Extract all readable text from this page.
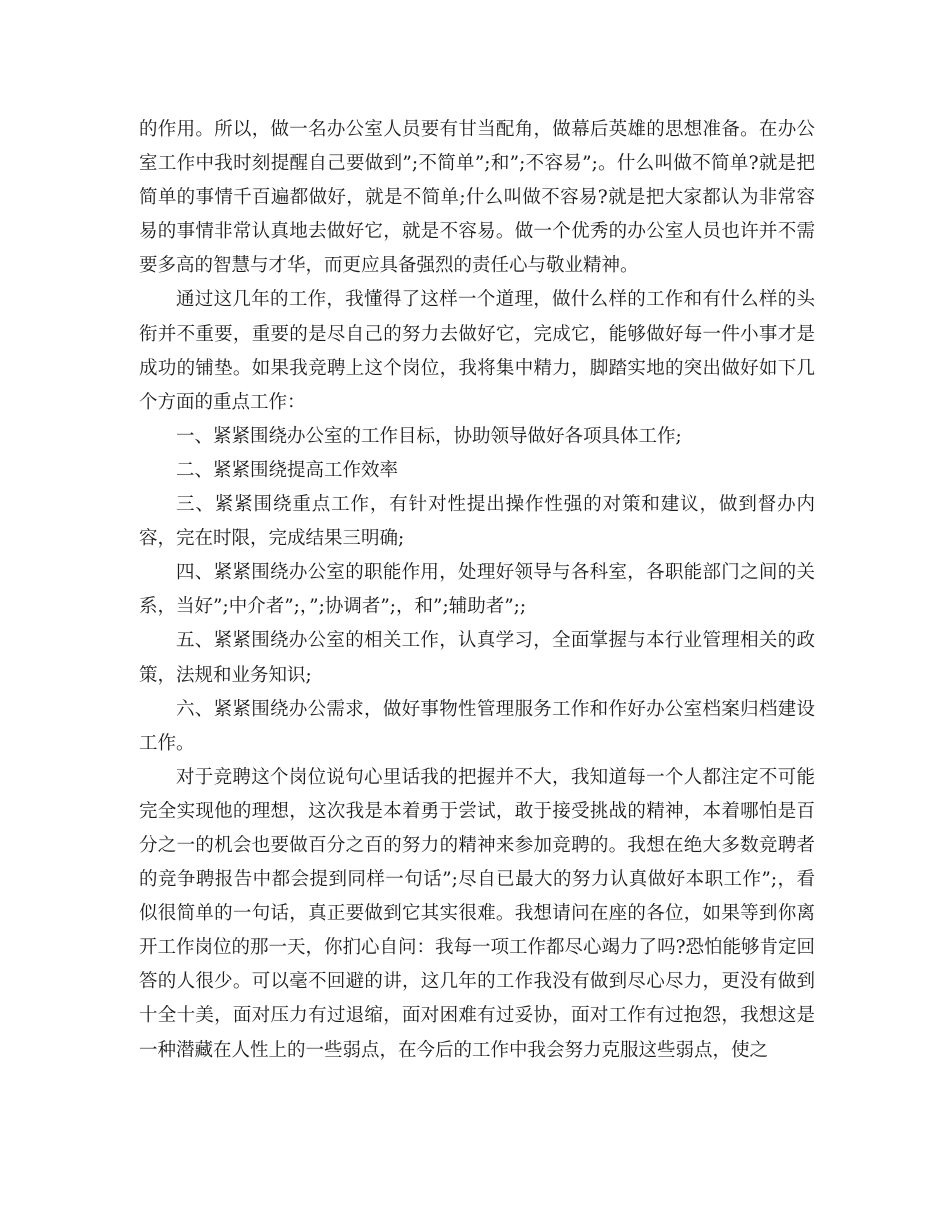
的作用。所以，做一名办公室人员要有甘当配角，做幕后英雄的思想准备。在办公室工作中我时刻提醒自己要做到”;不简单”;和”;不容易”;。什么叫做不简单?就是把简单的事情千百遍都做好，就是不简单;什么叫做不容易?就是把大家都认为非常容易的事情非常认真地去做好它，就是不容易。做一个优秀的办公室人员也许并不需要多高的智慧与才华，而更应具备强烈的责任心与敬业精神。

通过这几年的工作，我懂得了这样一个道理，做什么样的工作和有什么样的头衔并不重要，重要的是尽自己的努力去做好它，完成它，能够做好每一件小事才是成功的铺垫。如果我竞聘上这个岗位，我将集中精力，脚踏实地的突出做好如下几个方面的重点工作：

一、紧紧围绕办公室的工作目标，协助领导做好各项具体工作;

二、紧紧围绕提高工作效率

三、紧紧围绕重点工作，有针对性提出操作性强的对策和建议，做到督办内容，完在时限，完成结果三明确;

四、紧紧围绕办公室的职能作用，处理好领导与各科室，各职能部门之间的关系，当好”;中介者”;，”;协调者”;，和”;辅助者”;;

五、紧紧围绕办公室的相关工作，认真学习，全面掌握与本行业管理相关的政策，法规和业务知识;

六、紧紧围绕办公需求，做好事物性管理服务工作和作好办公室档案归档建设工作。

对于竞聘这个岗位说句心里话我的把握并不大，我知道每一个人都注定不可能完全实现他的理想，这次我是本着勇于尝试，敢于接受挑战的精神，本着哪怕是百分之一的机会也要做百分之百的努力的精神来参加竞聘的。我想在绝大多数竞聘者的竞争聘报告中都会提到同样一句话”;尽自已最大的努力认真做好本职工作”;，看似很简单的一句话，真正要做到它其实很难。我想请问在座的各位，如果等到你离开工作岗位的那一天，你扪心自问：我每一项工作都尽心竭力了吗?恐怕能够肯定回答的人很少。可以毫不回避的讲，这几年的工作我没有做到尽心尽力，更没有做到十全十美，面对压力有过退缩，面对困难有过妥协，面对工作有过抱怨，我想这是一种潜藏在人性上的一些弱点，在今后的工作中我会努力克服这些弱点，使之
